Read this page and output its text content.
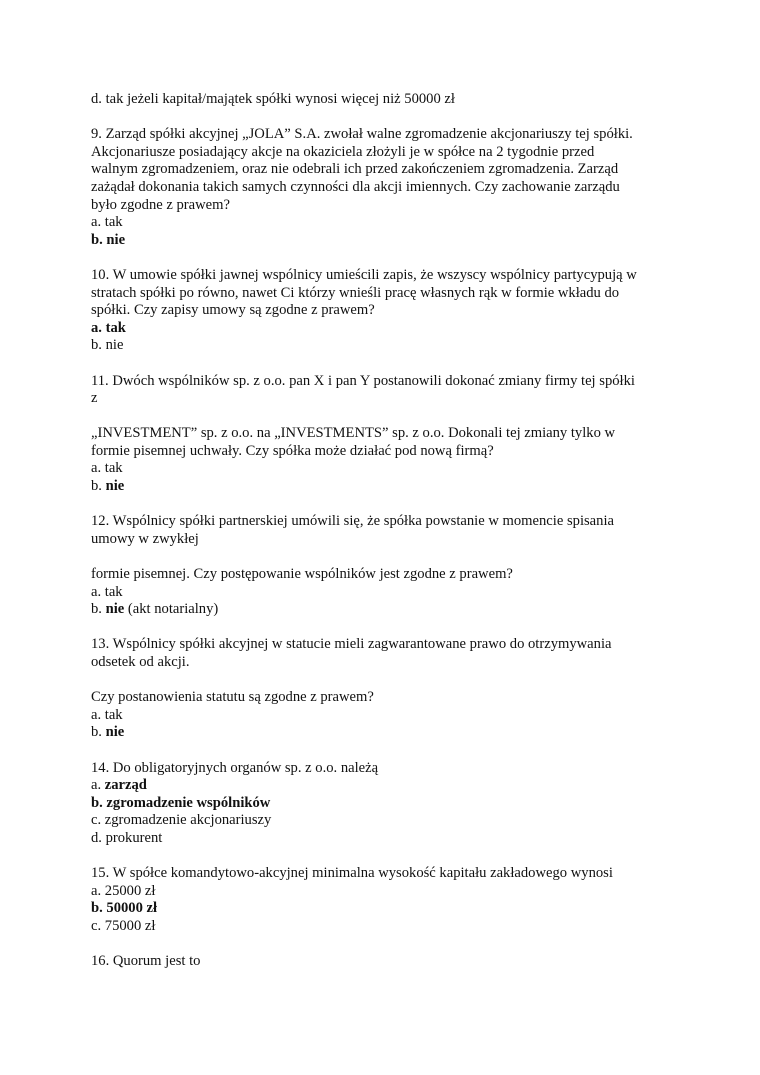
d. tak jeżeli kapitał/majątek spółki wynosi więcej niż 50000 zł
9. Zarząd spółki akcyjnej „JOLA” S.A. zwołał walne zgromadzenie akcjonariuszy tej spółki.
Akcjonariusze posiadający akcje na okaziciela złożyli je w spółce na 2 tygodnie przed
walnym zgromadzeniem, oraz nie odebrali ich przed zakończeniem zgromadzenia. Zarząd
zażądał dokonania takich samych czynności dla akcji imiennych. Czy zachowanie zarządu
było zgodne z prawem?
a. tak
b. nie
10. W umowie spółki jawnej wspólnicy umieścili zapis, że wszyscy wspólnicy partycypują w
stratach spółki po równo, nawet Ci którzy wnieśli pracę własnych rąk w formie wkładu do
spółki. Czy zapisy umowy są zgodne z prawem?
a. tak
b. nie
11. Dwóch wspólników sp. z o.o. pan X i pan Y postanowili dokonać zmiany firmy tej spółki
z
„INVESTMENT” sp. z o.o. na „INVESTMENTS” sp. z o.o. Dokonali tej zmiany tylko w
formie pisemnej uchwały. Czy spółka może działać pod nową firmą?
a. tak
b. nie
12. Wspólnicy spółki partnerskiej umówili się, że spółka powstanie w momencie spisania
umowy w zwykłej
formie pisemnej. Czy postępowanie wspólników jest zgodne z prawem?
a. tak
b. nie (akt notarialny)
13. Wspólnicy spółki akcyjnej w statucie mieli zagwarantowane prawo do otrzymywania
odsetek od akcji.
Czy postanowienia statutu są zgodne z prawem?
a. tak
b. nie
14. Do obligatoryjnych organów sp. z o.o. należą
a. zarząd
b. zgromadzenie wspólników
c. zgromadzenie akcjonariuszy
d. prokurent
15. W spółce komandytowo-akcyjnej minimalna wysokość kapitału zakładowego wynosi
a. 25000 zł
b. 50000 zł
c. 75000 zł
16. Quorum jest to
